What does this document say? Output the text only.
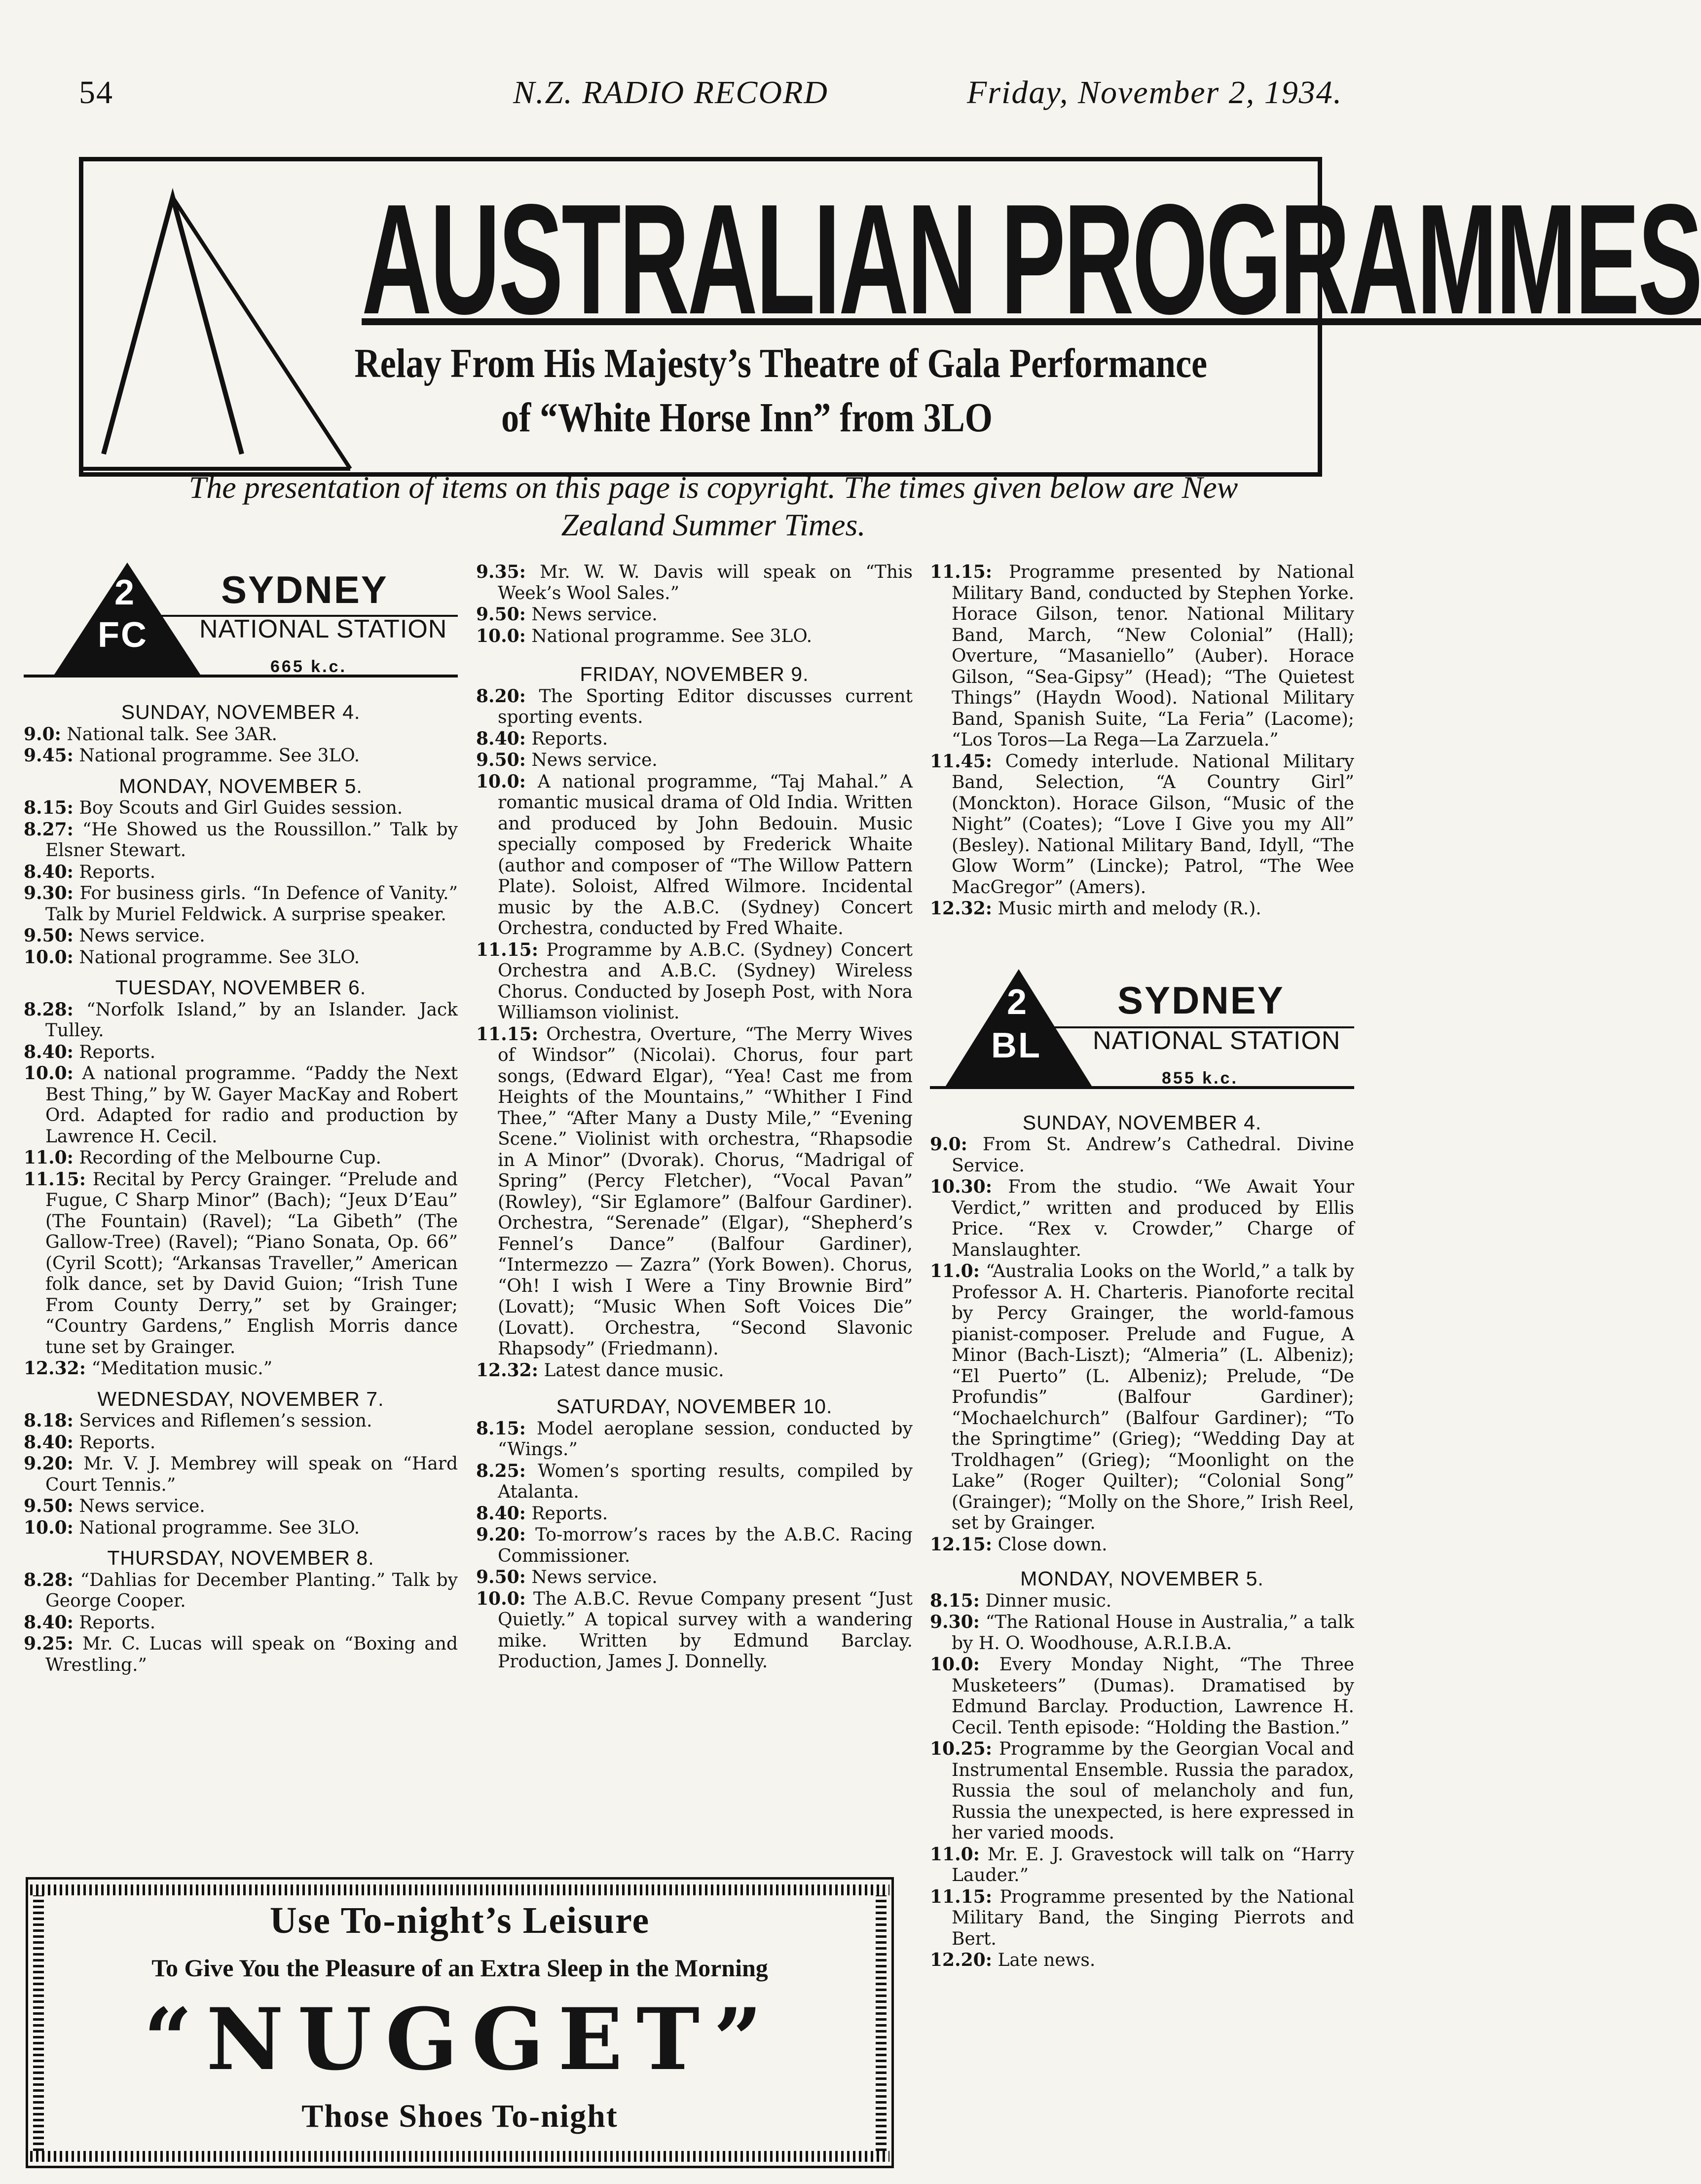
54	N.Z. RADIO RECORD	Friday, November 2, 1934.
AUSTRALIAN PROGRAMMES
Relay From His Majesty’s Theatre of Gala Performance
of “White Horse Inn” from 3LO
The presentation of items on this page is copyright. The times given below are New
Zealand Summer Times.
2
FC
SYDNEY
NATIONAL STATION
665 k.c.
SUNDAY, NOVEMBER 4.
9.0: National talk. See 3AR.
9.45: National programme. See 3LO.
MONDAY, NOVEMBER 5.
8.15: Boy Scouts and Girl Guides session.
8.27: “He Showed us the Roussillon.” Talk by Elsner Stewart.
8.40: Reports.
9.30: For business girls. “In Defence of Vanity.” Talk by Muriel Feldwick. A surprise speaker.
9.50: News service.
10.0: National programme. See 3LO.
TUESDAY, NOVEMBER 6.
8.28: “Norfolk Island,” by an Islander. Jack Tulley.
8.40: Reports.
10.0: A national programme. “Paddy the Next Best Thing,” by W. Gayer MacKay and Robert Ord. Adapted for radio and production by Lawrence H. Cecil.
11.0: Recording of the Melbourne Cup.
11.15: Recital by Percy Grainger. “Prelude and Fugue, C Sharp Minor” (Bach); “Jeux D’Eau” (The Fountain) (Ravel); “La Gibeth” (The Gallow-Tree) (Ravel); “Piano Sonata, Op. 66” (Cyril Scott); “Arkansas Traveller,” American folk dance, set by David Guion; “Irish Tune From County Derry,” set by Grainger; “Country Gardens,” English Morris dance tune set by Grainger.
12.32: “Meditation music.”
WEDNESDAY, NOVEMBER 7.
8.18: Services and Riflemen’s session.
8.40: Reports.
9.20: Mr. V. J. Membrey will speak on “Hard Court Tennis.”
9.50: News service.
10.0: National programme. See 3LO.
THURSDAY, NOVEMBER 8.
8.28: “Dahlias for December Planting.” Talk by George Cooper.
8.40: Reports.
9.25: Mr. C. Lucas will speak on “Boxing and Wrestling.”
9.35: Mr. W. W. Davis will speak on “This Week’s Wool Sales.”
9.50: News service.
10.0: National programme. See 3LO.
FRIDAY, NOVEMBER 9.
8.20: The Sporting Editor discusses current sporting events.
8.40: Reports.
9.50: News service.
10.0: A national programme, “Taj Mahal.” A romantic musical drama of Old India. Written and produced by John Bedouin. Music specially composed by Frederick Whaite (author and composer of “The Willow Pattern Plate). Soloist, Alfred Wilmore. Incidental music by the A.B.C. (Sydney) Concert Orchestra, conducted by Fred Whaite.
11.15: Programme by A.B.C. (Sydney) Concert Orchestra and A.B.C. (Sydney) Wireless Chorus. Conducted by Joseph Post, with Nora Williamson violinist.
11.15: Orchestra, Overture, “The Merry Wives of Windsor” (Nicolai). Chorus, four part songs, (Edward Elgar), “Yea! Cast me from Heights of the Mountains,” “Whither I Find Thee,” “After Many a Dusty Mile,” “Evening Scene.” Violinist with orchestra, “Rhapsodie in A Minor” (Dvorak). Chorus, “Madrigal of Spring” (Percy Fletcher), “Vocal Pavan” (Rowley), “Sir Eglamore” (Balfour Gardiner). Orchestra, “Serenade” (Elgar), “Shepherd’s Fennel’s Dance” (Balfour Gardiner), “Intermezzo — Zazra” (York Bowen). Chorus, “Oh! I wish I Were a Tiny Brownie Bird” (Lovatt); “Music When Soft Voices Die” (Lovatt). Orchestra, “Second Slavonic Rhapsody” (Friedmann).
12.32: Latest dance music.
SATURDAY, NOVEMBER 10.
8.15: Model aeroplane session, conducted by “Wings.”
8.25: Women’s sporting results, compiled by Atalanta.
8.40: Reports.
9.20: To-morrow’s races by the A.B.C. Racing Commissioner.
9.50: News service.
10.0: The A.B.C. Revue Company present “Just Quietly.” A topical survey with a wandering mike. Written by Edmund Barclay. Production, James J. Donnelly.
11.15: Programme presented by National Military Band, conducted by Stephen Yorke. Horace Gilson, tenor. National Military Band, March, “New Colonial” (Hall); Overture, “Masaniello” (Auber). Horace Gilson, “Sea-Gipsy” (Head); “The Quietest Things” (Haydn Wood). National Military Band, Spanish Suite, “La Feria” (Lacome); “Los Toros—La Rega—La Zarzuela.”
11.45: Comedy interlude. National Military Band, Selection, “A Country Girl” (Monckton). Horace Gilson, “Music of the Night” (Coates); “Love I Give you my All” (Besley). National Military Band, Idyll, “The Glow Worm” (Lincke); Patrol, “The Wee MacGregor” (Amers).
12.32: Music mirth and melody (R.).
2
BL
SYDNEY
NATIONAL STATION
855 k.c.
SUNDAY, NOVEMBER 4.
9.0: From St. Andrew’s Cathedral. Divine Service.
10.30: From the studio. “We Await Your Verdict,” written and produced by Ellis Price. “Rex v. Crowder,” Charge of Manslaughter.
11.0: “Australia Looks on the World,” a talk by Professor A. H. Charteris. Pianoforte recital by Percy Grainger, the world-famous pianist-composer. Prelude and Fugue, A Minor (Bach-Liszt); “Almeria” (L. Albeniz); “El Puerto” (L. Albeniz); Prelude, “De Profundis” (Balfour Gardiner); “Mochaelchurch” (Balfour Gardiner); “To the Springtime” (Grieg); “Wedding Day at Troldhagen” (Grieg); “Moonlight on the Lake” (Roger Quilter); “Colonial Song” (Grainger); “Molly on the Shore,” Irish Reel, set by Grainger.
12.15: Close down.
MONDAY, NOVEMBER 5.
8.15: Dinner music.
9.30: “The Rational House in Australia,” a talk by H. O. Woodhouse, A.R.I.B.A.
10.0: Every Monday Night, “The Three Musketeers” (Dumas). Dramatised by Edmund Barclay. Production, Lawrence H. Cecil. Tenth episode: “Holding the Bastion.”
10.25: Programme by the Georgian Vocal and Instrumental Ensemble. Russia the paradox, Russia the soul of melancholy and fun, Russia the unexpected, is here expressed in her varied moods.
11.0: Mr. E. J. Gravestock will talk on “Harry Lauder.”
11.15: Programme presented by the National Military Band, the Singing Pierrots and Bert.
12.20: Late news.
Use To-night’s Leisure
To Give You the Pleasure of an Extra Sleep in the Morning
“NUGGET”
Those Shoes To-night
